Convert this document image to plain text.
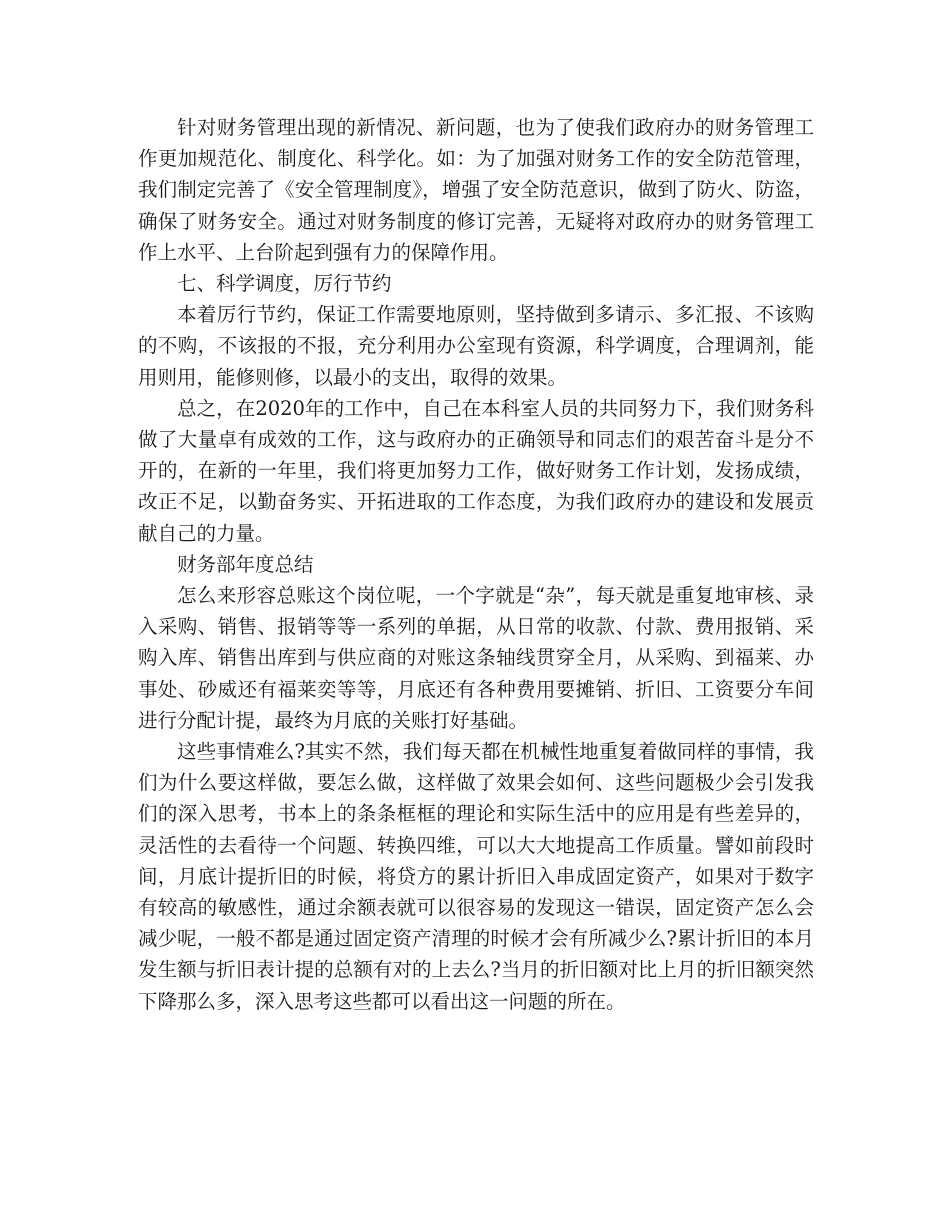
针对财务管理出现的新情况、新问题，也为了使我们政府办的财务管理工作更加规范化、制度化、科学化。如：为了加强对财务工作的安全防范管理，我们制定完善了《安全管理制度》，增强了安全防范意识，做到了防火、防盗，确保了财务安全。通过对财务制度的修订完善，无疑将对政府办的财务管理工作上水平、上台阶起到强有力的保障作用。

七、科学调度，厉行节约

本着厉行节约，保证工作需要地原则，坚持做到多请示、多汇报、不该购的不购，不该报的不报，充分利用办公室现有资源，科学调度，合理调剂，能用则用，能修则修，以最小的支出，取得的效果。

总之，在2020年的工作中，自己在本科室人员的共同努力下，我们财务科做了大量卓有成效的工作，这与政府办的正确领导和同志们的艰苦奋斗是分不开的，在新的一年里，我们将更加努力工作，做好财务工作计划，发扬成绩，改正不足，以勤奋务实、开拓进取的工作态度，为我们政府办的建设和发展贡献自己的力量。

财务部年度总结

怎么来形容总账这个岗位呢，一个字就是“杂”，每天就是重复地审核、录入采购、销售、报销等等一系列的单据，从日常的收款、付款、费用报销、采购入库、销售出库到与供应商的对账这条轴线贯穿全月，从采购、到福莱、办事处、砂威还有福莱奕等等，月底还有各种费用要摊销、折旧、工资要分车间进行分配计提，最终为月底的关账打好基础。

这些事情难么?其实不然，我们每天都在机械性地重复着做同样的事情，我们为什么要这样做，要怎么做，这样做了效果会如何、这些问题极少会引发我们的深入思考，书本上的条条框框的理论和实际生活中的应用是有些差异的，灵活性的去看待一个问题、转换四维，可以大大地提高工作质量。譬如前段时间，月底计提折旧的时候，将贷方的累计折旧入串成固定资产，如果对于数字有较高的敏感性，通过余额表就可以很容易的发现这一错误，固定资产怎么会减少呢，一般不都是通过固定资产清理的时候才会有所减少么?累计折旧的本月发生额与折旧表计提的总额有对的上去么?当月的折旧额对比上月的折旧额突然下降那么多，深入思考这些都可以看出这一问题的所在。
